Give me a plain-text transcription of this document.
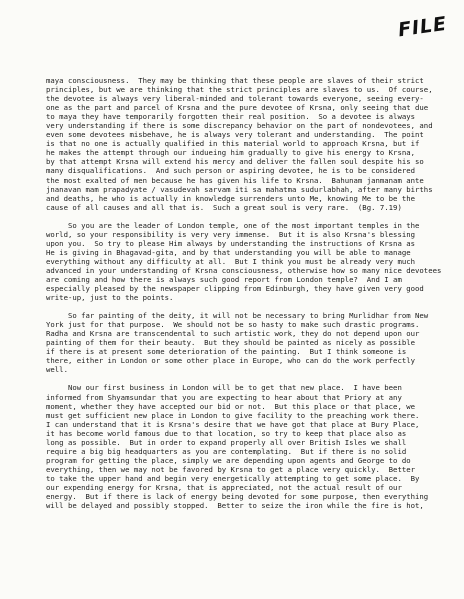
FILE
maya consciousness.  They may be thinking that these people are slaves of their strict
principles, but we are thinking that the strict principles are slaves to us.  Of course,
the devotee is always very liberal-minded and tolerant towards everyone, seeing every-
one as the part and parcel of Krsna and the pure devotee of Krsna, only seeing that due
to maya they have temporarily forgotten their real position.  So a devotee is always
very understanding if there is some discrepancy behavior on the part of nondevotees, and
even some devotees misbehave, he is always very tolerant and understanding.  The point
is that no one is actually qualified in this material world to approach Krsna, but if
he makes the attempt through our indueing him gradually to give his energy to Krsna,
by that attempt Krsna will extend his mercy and deliver the fallen soul despite his so
many disqualifications.  And such person or aspiring devotee, he is to be considered
the most exalted of men because he has given his life to Krsna.  Bahunam janmanam ante
jnanavan mam prapadyate / vasudevah sarvam iti sa mahatma sudurlabhah, after many births
and deaths, he who is actually in knowledge surrenders unto Me, knowing Me to be the
cause of all causes and all that is.  Such a great soul is very rare.  (Bg. 7.19)
So you are the leader of London temple, one of the most important temples in the
world, so your responsibility is very very immense.  But it is also Krsna's blessing
upon you.  So try to please Him always by understanding the instructions of Krsna as
He is giving in Bhagavad-gita, and by that understanding you will be able to manage
everything without any difficulty at all.  But I think you must be already very much
advanced in your understanding of Krsna consciousness, otherwise how so many nice devotees
are coming and how there is always such good report from London temple?  And I am
especially pleased by the newspaper clipping from Edinburgh, they have given very good
write-up, just to the points.
So far painting of the deity, it will not be necessary to bring Murlidhar from New
York just for that purpose.  We should not be so hasty to make such drastic programs.
Radha and Krsna are transcendental to such artistic work, they do not depend upon our
painting of them for their beauty.  But they should be painted as nicely as possible
if there is at present some deterioration of the painting.  But I think someone is
there, either in London or some other place in Europe, who can do the work perfectly
well.
Now our first business in London will be to get that new place.  I have been
informed from Shyamsundar that you are expecting to hear about that Priory at any
moment, whether they have accepted our bid or not.  But this place or that place, we
must get sufficient new place in London to give facility to the preaching work there.
I can understand that it is Krsna's desire that we have got that place at Bury Place,
it has become world famous due to that location, so try to keep that place also as
long as possible.  But in order to expand properly all over British Isles we shall
require a big big headquarters as you are contemplating.  But if there is no solid
program for getting the place, simply we are depending upon agents and George to do
everything, then we may not be favored by Krsna to get a place very quickly.  Better
to take the upper hand and begin very energetically attempting to get some place.  By
our expending energy for Krsna, that is appreciated, not the actual result of our
energy.  But if there is lack of energy being devoted for some purpose, then everything
will be delayed and possibly stopped.  Better to seize the iron while the fire is hot,
